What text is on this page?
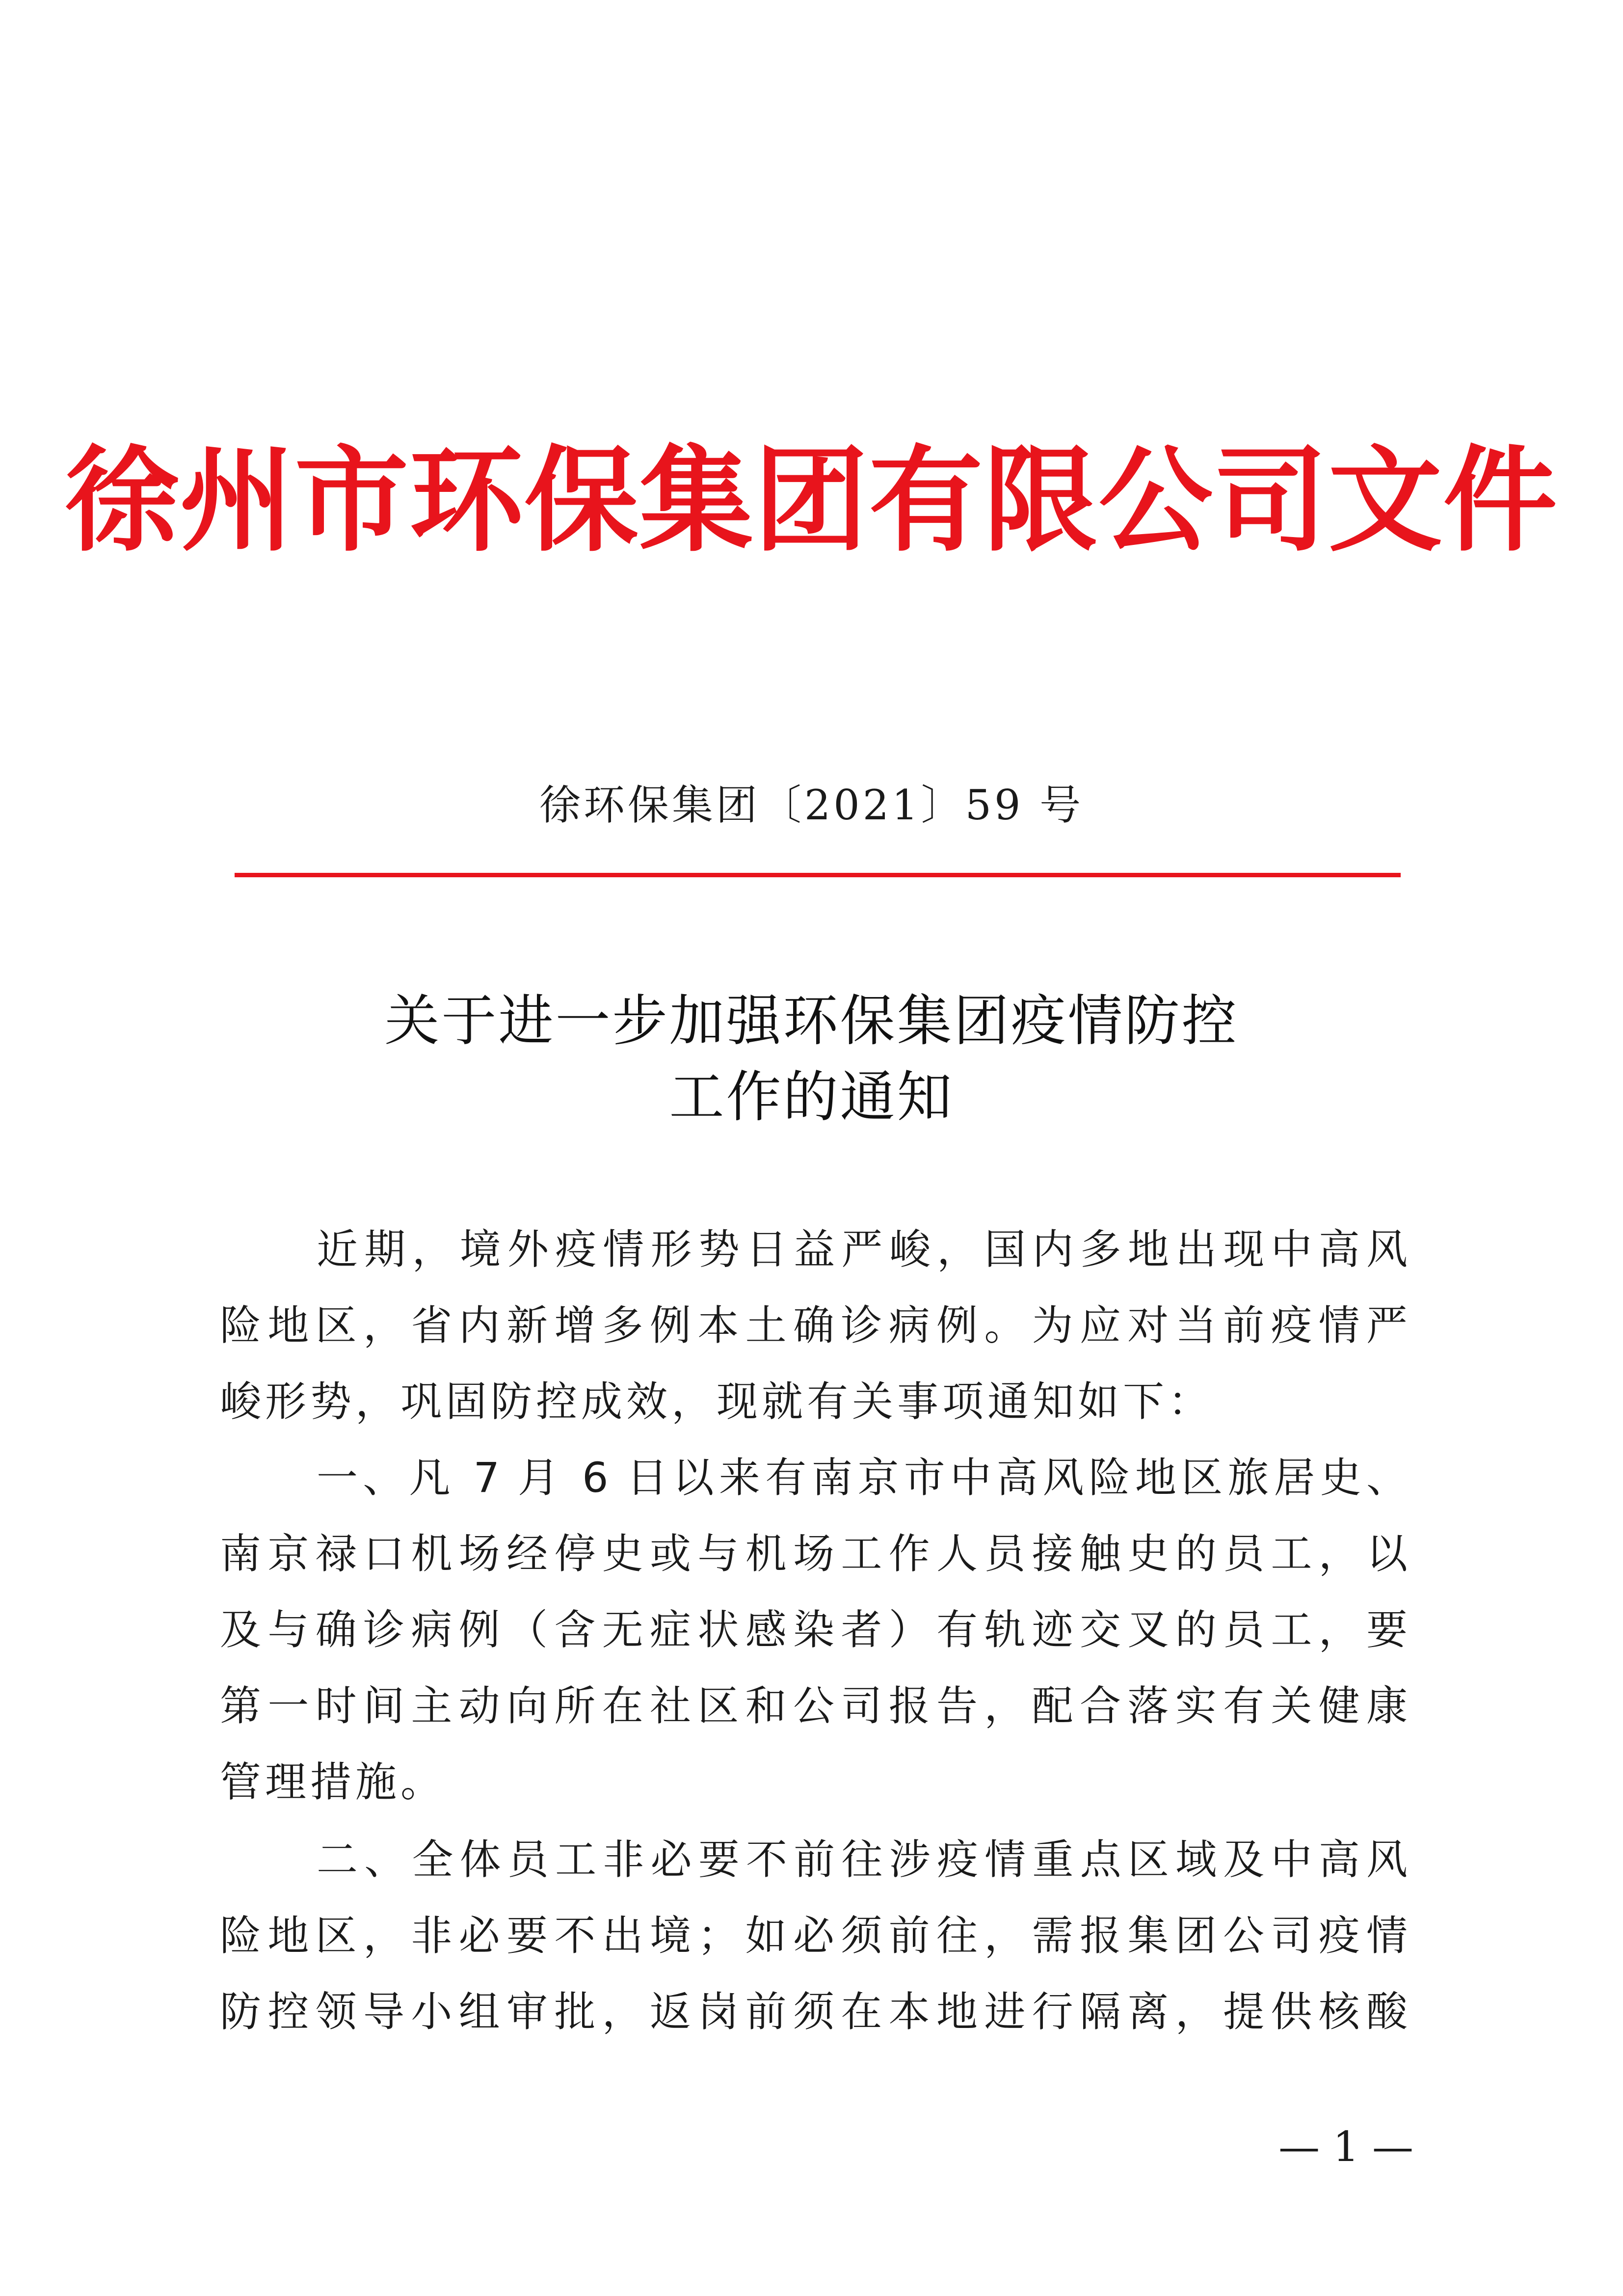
徐州市环保集团有限公司文件
徐环保集团〔2021〕59 号
关于进一步加强环保集团疫情防控
工作的通知
近期，境外疫情形势日益严峻，国内多地出现中高风
险地区，省内新增多例本土确诊病例。为应对当前疫情严
峻形势，巩固防控成效，现就有关事项通知如下：
一、凡 7 月 6 日以来有南京市中高风险地区旅居史、
南京禄口机场经停史或与机场工作人员接触史的员工，以
及与确诊病例（含无症状感染者）有轨迹交叉的员工，要
第一时间主动向所在社区和公司报告，配合落实有关健康
管理措施。
二、全体员工非必要不前往涉疫情重点区域及中高风
险地区，非必要不出境；如必须前往，需报集团公司疫情
防控领导小组审批，返岗前须在本地进行隔离，提供核酸
— 1 —
